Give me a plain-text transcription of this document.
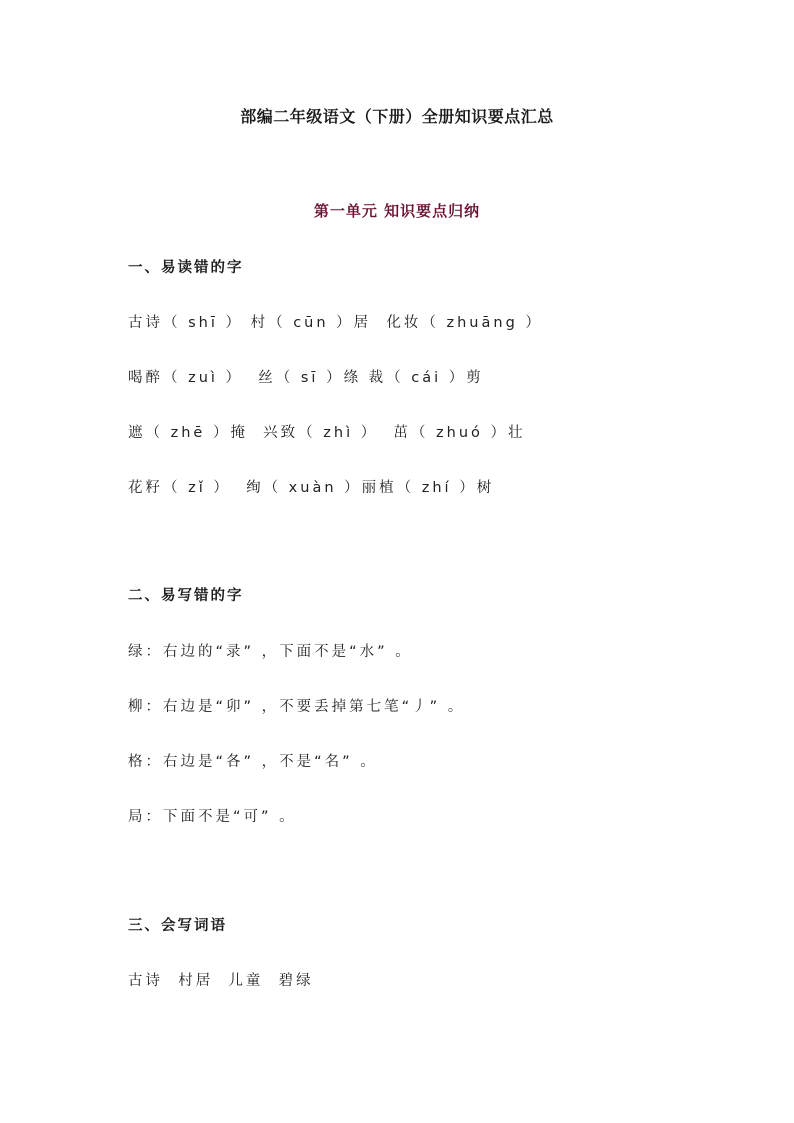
部编二年级语文（下册）全册知识要点汇总
第一单元 知识要点归纳
一、易读错的字
古诗（ shī ） 村（ cūn ）居  化妆（ zhuāng ）
喝醉（ zuì ）  丝（ sī ）绦 裁（ cái ）剪
遮（ zhē ）掩  兴致（ zhì ）  茁（ zhuó ）壮
花籽（ zǐ ）  绚（ xuàn ）丽植（ zhí ）树
二、易写错的字
绿：右边的“录” ，下面不是“水” 。
柳：右边是“卯” ，不要丢掉第七笔“丿” 。
格：右边是“各” ，不是“名” 。
局：下面不是“可” 。
三、会写词语
古诗  村居  儿童  碧绿
